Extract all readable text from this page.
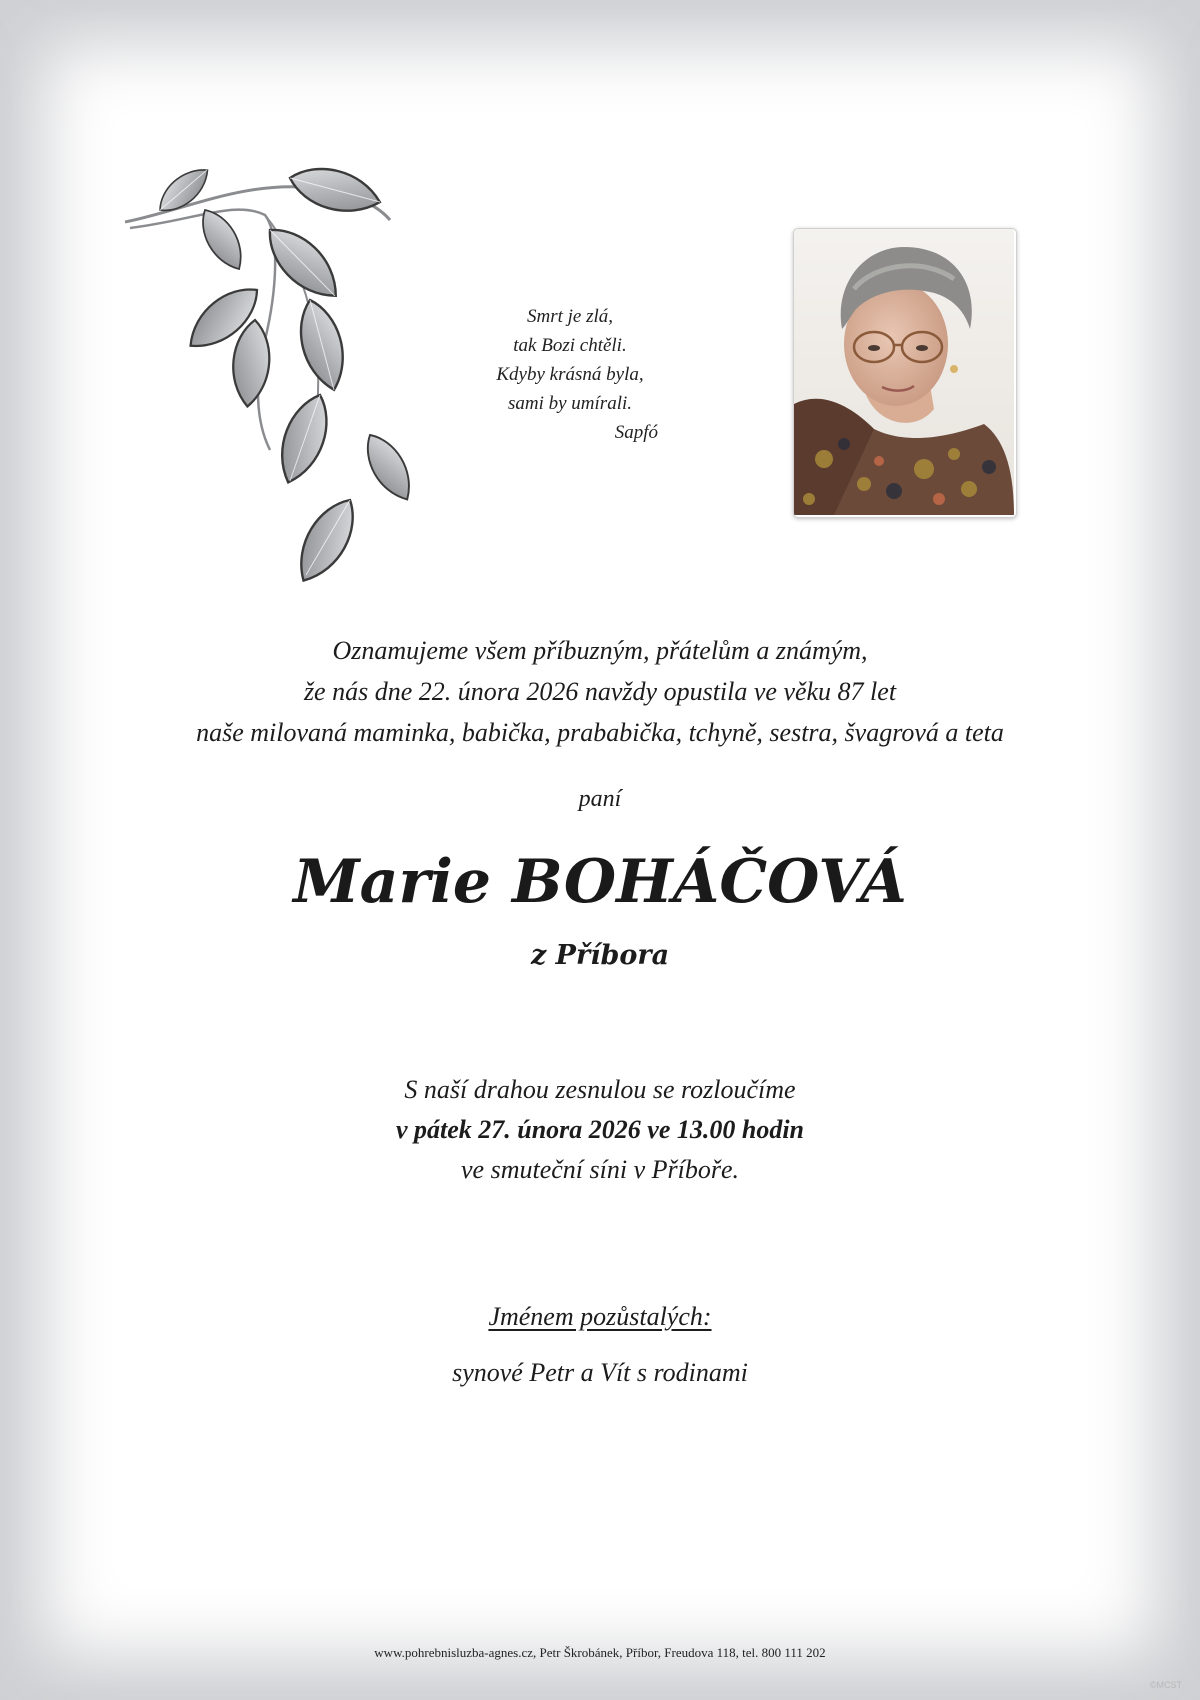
Smrt je zlá,
tak Bozi chtěli.
Kdyby krásná byla,
sami by umírali.
Sapfó
Oznamujeme všem příbuzným, přátelům a známým,
že nás dne 22. února 2026 navždy opustila ve věku 87 let
naše milovaná maminka, babička, prababička, tchyně, sestra, švagrová a teta
paní
Marie BOHÁČOVÁ
z Příbora
S naší drahou zesnulou se rozloučíme
v pátek 27. února 2026 ve 13.00 hodin
ve smuteční síni v Příboře.
Jménem pozůstalých:
synové Petr a Vít s rodinami
www.pohrebnisluzba-agnes.cz, Petr Škrobánek, Příbor, Freudova 118, tel. 800 111 202
©MCST
